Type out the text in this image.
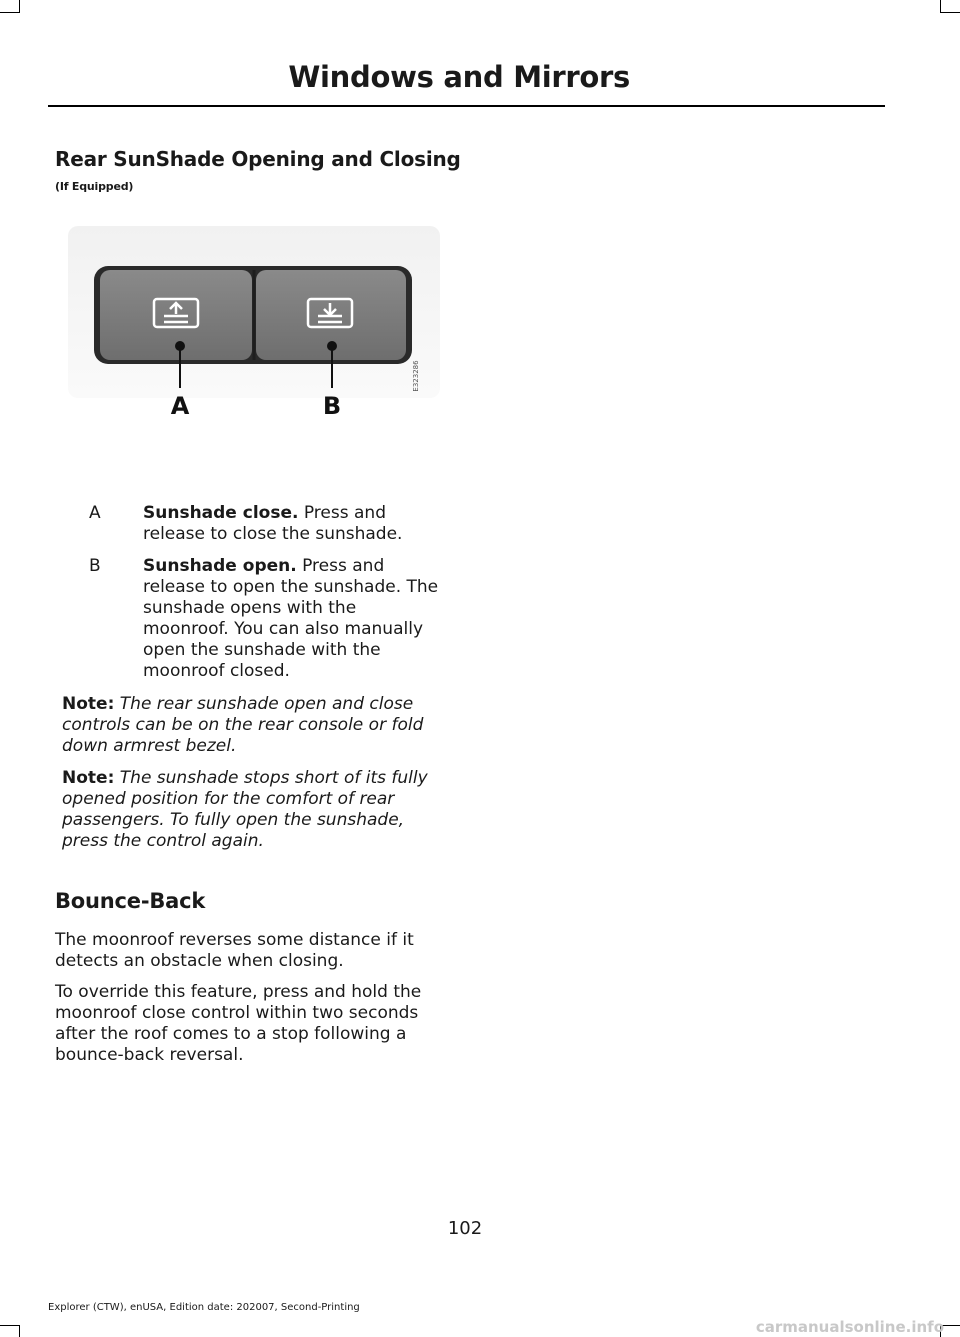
Windows and Mirrors
Rear SunShade Opening and Closing (If Equipped)
A	B
E323286
A Sunshade close. Press and release to close the sunshade.
B Sunshade open. Press and release to open the sunshade. The sunshade opens with the moonroof. You can also manually open the sunshade with the moonroof closed.
Note: The rear sunshade open and close controls can be on the rear console or fold down armrest bezel.
Note: The sunshade stops short of its fully opened position for the comfort of rear passengers. To fully open the sunshade, press the control again.
Bounce-Back
The moonroof reverses some distance if it detects an obstacle when closing.
To override this feature, press and hold the moonroof close control within two seconds after the roof comes to a stop following a bounce-back reversal.
102
Explorer (CTW), enUSA, Edition date: 202007, Second-Printing
carmanualsonline.info
